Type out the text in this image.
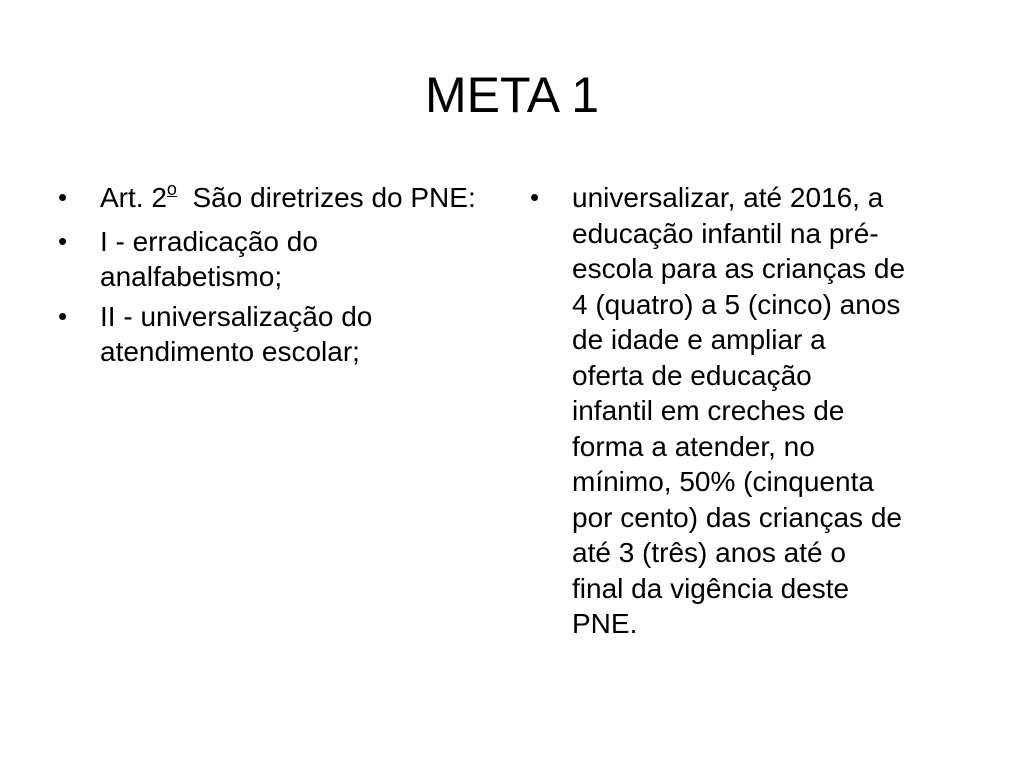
META 1
•	Art. 2$^o$  São diretrizes do PNE:
•	I - erradicação do analfabetismo;
•	II - universalização do atendimento escolar;
•	universalizar, até 2016, a
educação infantil na pré-
escola para as crianças de
4 (quatro) a 5 (cinco) anos
de idade e ampliar a
oferta de educação
infantil em creches de
forma a atender, no
mínimo, 50% (cinquenta
por cento) das crianças de
até 3 (três) anos até o
final da vigência deste
PNE.
